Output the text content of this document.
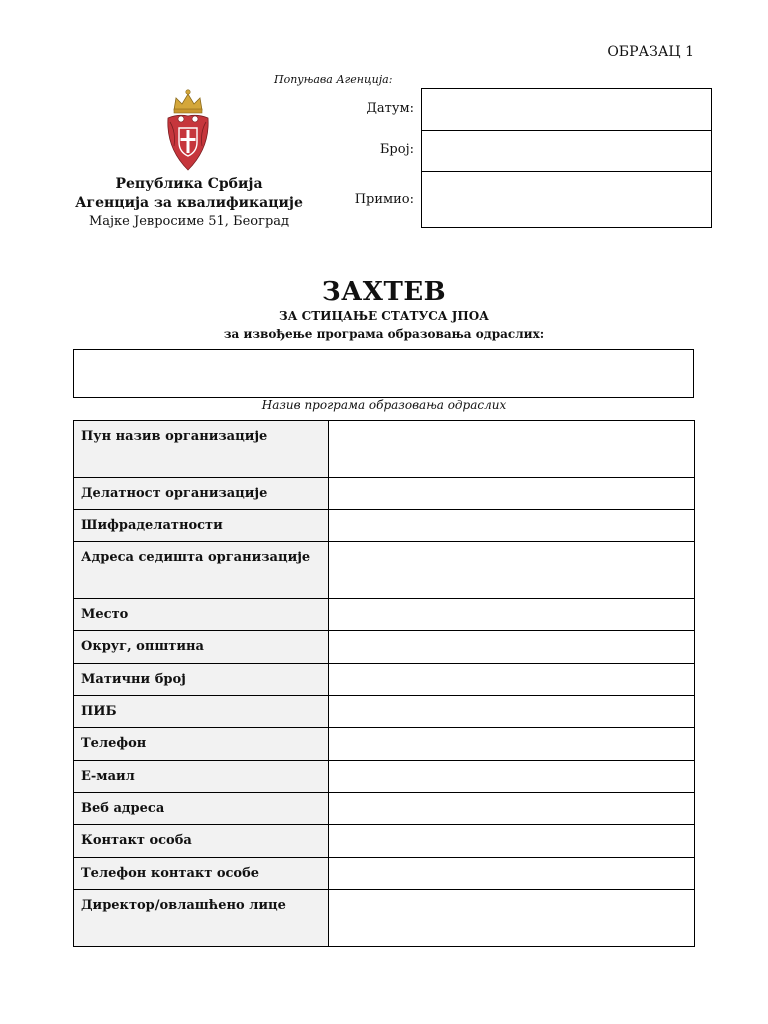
ОБРАЗАЦ 1
Попуњава Агенција:
Република Србија
Агенција за квалификације
Мајке Јевросиме 51, Београд
Датум:
Број:
Примио:
ЗАХТЕВ
ЗА СТИЦАЊЕ СТАТУСА ЈПОА
за извођење програма образовања одраслих:
Назив програма образовања одраслих
Пун назив организације	
Делатност организације	
Шифраделатности	
Адреса седишта организације	
Место	
Округ, општина	
Матични број	
ПИБ	
Телефон	
Е-маил	
Веб адреса	
Контакт особа	
Телефон контакт особе	
Директор/овлашћено лице	
